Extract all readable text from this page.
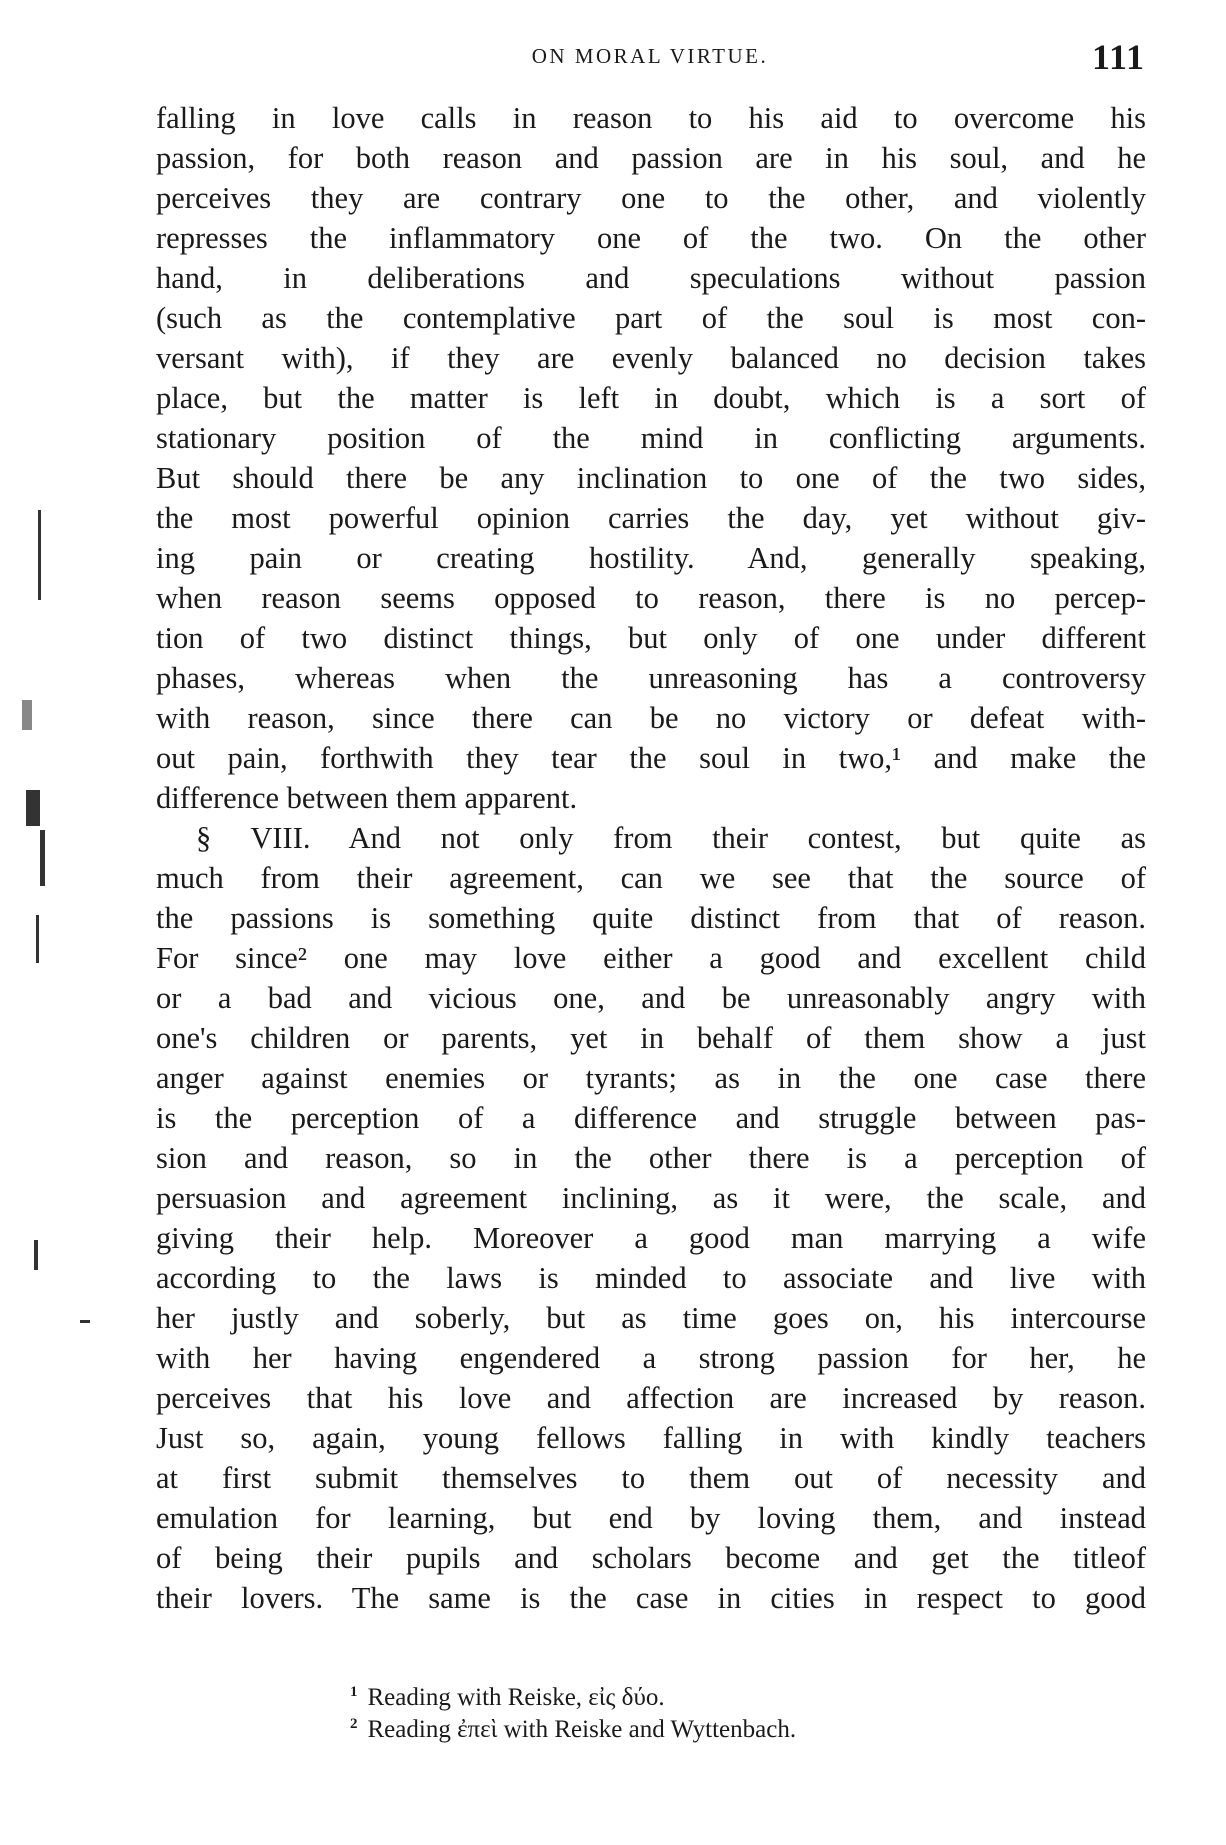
ON MORAL VIRTUE.	111
falling in love calls in reason to his aid to overcome his
passion, for both reason and passion are in his soul, and he
perceives they are contrary one to the other, and violently
represses the inflammatory one of the two. On the other
hand, in deliberations and speculations without passion
(such as the contemplative part of the soul is most con-
versant with), if they are evenly balanced no decision takes
place, but the matter is left in doubt, which is a sort of
stationary position of the mind in conflicting arguments.
But should there be any inclination to one of the two sides,
the most powerful opinion carries the day, yet without giv-
ing pain or creating hostility. And, generally speaking,
when reason seems opposed to reason, there is no percep-
tion of two distinct things, but only of one under different
phases, whereas when the unreasoning has a controversy
with reason, since there can be no victory or defeat with-
out pain, forthwith they tear the soul in two,¹ and make the
difference between them apparent.
§ VIII. And not only from their contest, but quite as
much from their agreement, can we see that the source of
the passions is something quite distinct from that of reason.
For since² one may love either a good and excellent child
or a bad and vicious one, and be unreasonably angry with
one's children or parents, yet in behalf of them show a just
anger against enemies or tyrants; as in the one case there
is the perception of a difference and struggle between pas-
sion and reason, so in the other there is a perception of
persuasion and agreement inclining, as it were, the scale, and
giving their help. Moreover a good man marrying a wife
according to the laws is minded to associate and live with
her justly and soberly, but as time goes on, his intercourse
with her having engendered a strong passion for her, he
perceives that his love and affection are increased by reason.
Just so, again, young fellows falling in with kindly teachers
at first submit themselves to them out of necessity and
emulation for learning, but end by loving them, and instead
of being their pupils and scholars become and get the titleof
their lovers. The same is the case in cities in respect to good
$^1$ Reading with Reiske, εἰς δύο.
$^2$ Reading ἐπεὶ with Reiske and Wyttenbach.
